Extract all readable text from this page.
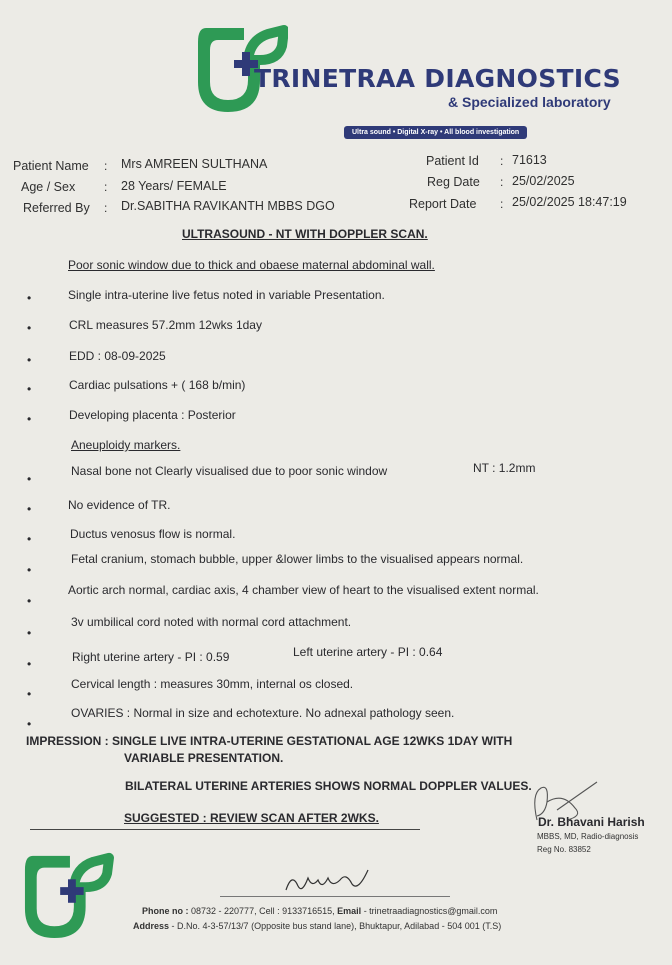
TRINETRAA DIAGNOSTICS
& Specialized laboratory
Ultra sound • Digital X-ray • All blood investigation
Patient Name : Mrs AMREEN SULTHANA
Age / Sex : 28 Years/ FEMALE
Referred By : Dr.SABITHA RAVIKANTH MBBS DGO
Patient Id : 71613
Reg Date : 25/02/2025
Report Date : 25/02/2025 18:47:19
ULTRASOUND - NT WITH DOPPLER SCAN.
Poor sonic window due to thick and obaese maternal abdominal wall.
•	Single intra-uterine live fetus noted in variable Presentation.
•	CRL measures 57.2mm 12wks 1day
•	EDD : 08-09-2025
•	Cardiac pulsations + ( 168 b/min)
•	Developing placenta : Posterior
Aneuploidy markers.
•
Nasal bone not Clearly visualised due to poor sonic window	NT : 1.2mm
•	No evidence of TR.
•	Ductus venosus flow is normal.
•
Fetal cranium, stomach bubble, upper &lower limbs to the visualised appears normal.
•
Aortic arch normal, cardiac axis, 4 chamber view of heart to the visualised extent normal.
•
3v umbilical cord noted with normal cord attachment.
•	Right uterine artery - PI : 0.59	Left uterine artery - PI : 0.64
•
Cervical length : measures 30mm, internal os closed.
•
OVARIES : Normal in size and echotexture. No adnexal pathology seen.
IMPRESSION : SINGLE LIVE INTRA-UTERINE GESTATIONAL AGE 12WKS 1DAY WITH
VARIABLE PRESENTATION.
BILATERAL UTERINE ARTERIES SHOWS NORMAL DOPPLER VALUES.
SUGGESTED : REVIEW SCAN AFTER 2WKS.	Dr. Bhavani Harish
MBBS, MD, Radio-diagnosis
Reg No. 83852
Phone no : 08732 - 220777, Cell : 9133716515, Email - trinetraadiagnostics@gmail.com
Address - D.No. 4-3-57/13/7 (Opposite bus stand lane), Bhuktapur, Adilabad - 504 001 (T.S)
